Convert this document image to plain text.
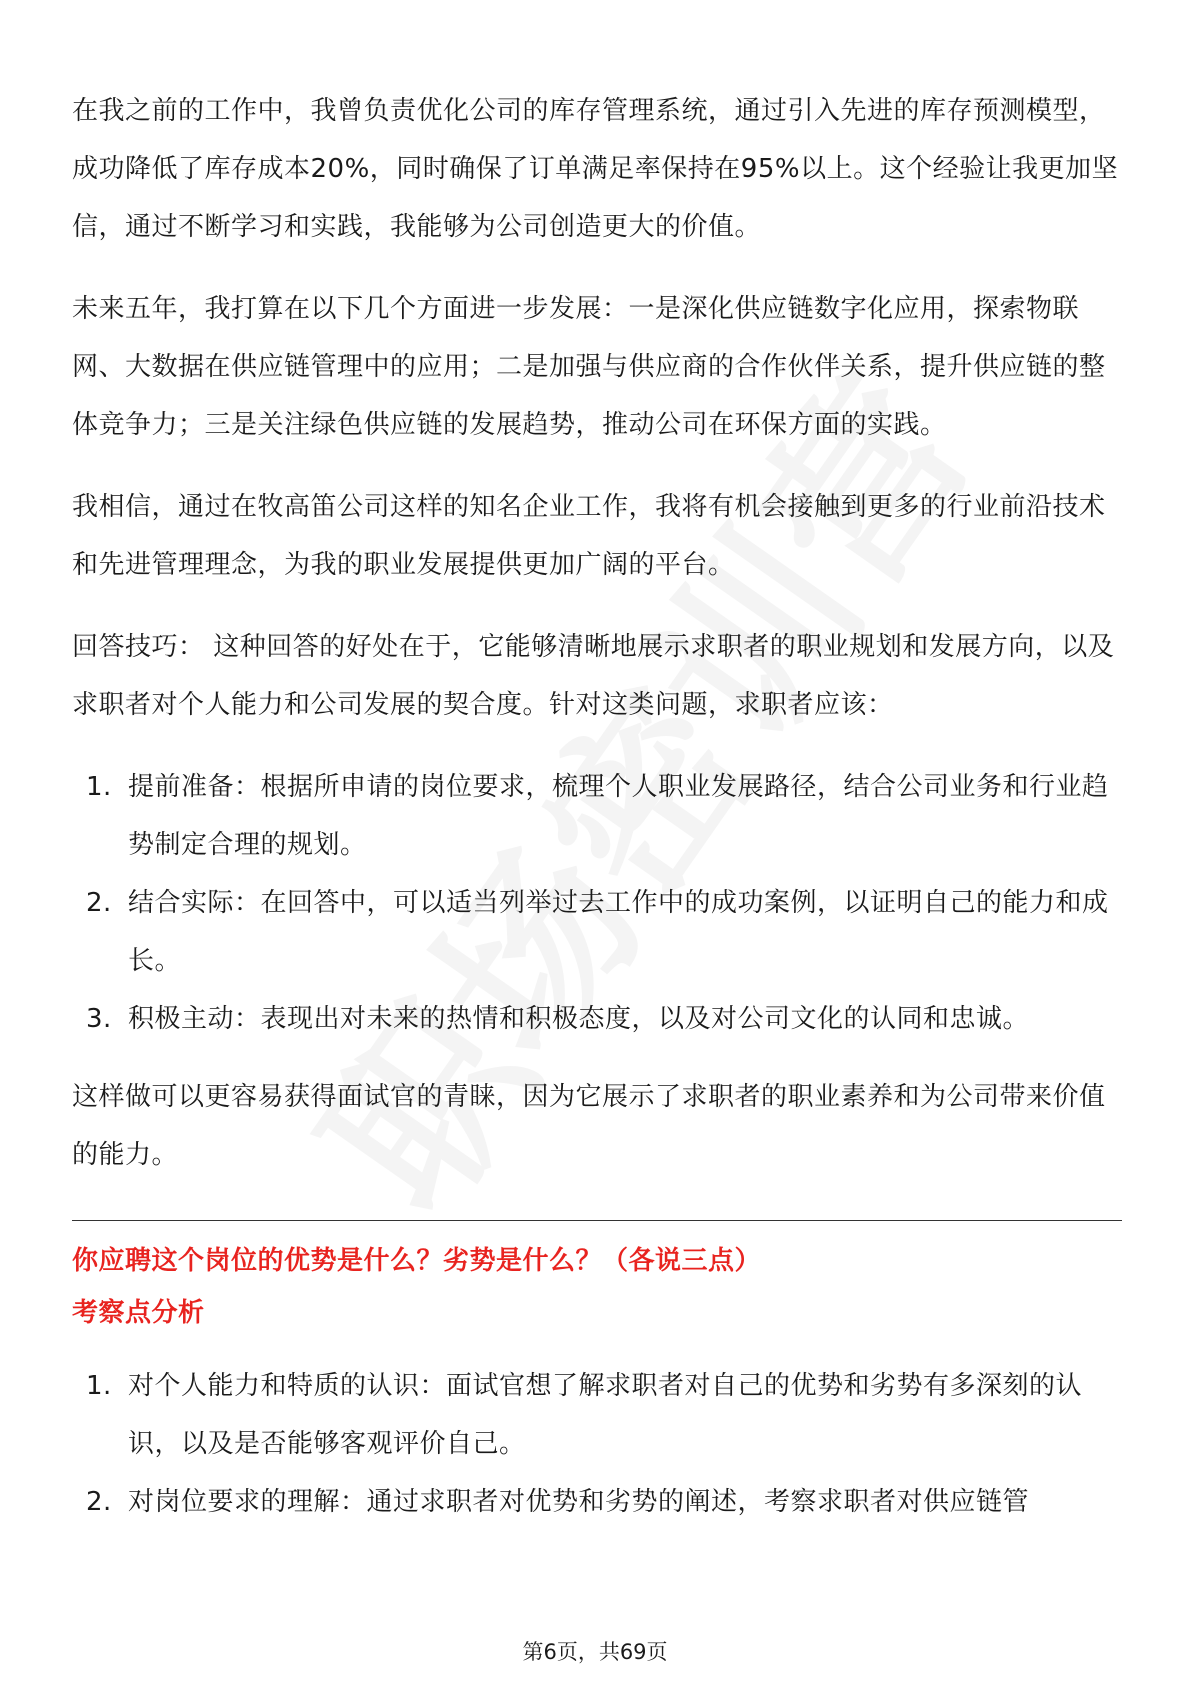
在我之前的工作中，我曾负责优化公司的库存管理系统，通过引入先进的库存预测模型，成功降低了库存成本20%，同时确保了订单满足率保持在95%以上。这个经验让我更加坚信，通过不断学习和实践，我能够为公司创造更大的价值。

未来五年，我打算在以下几个方面进一步发展：一是深化供应链数字化应用，探索物联网、大数据在供应链管理中的应用；二是加强与供应商的合作伙伴关系，提升供应链的整体竞争力；三是关注绿色供应链的发展趋势，推动公司在环保方面的实践。

我相信，通过在牧高笛公司这样的知名企业工作，我将有机会接触到更多的行业前沿技术和先进管理理念，为我的职业发展提供更加广阔的平台。

回答技巧： 这种回答的好处在于，它能够清晰地展示求职者的职业规划和发展方向，以及求职者对个人能力和公司发展的契合度。针对这类问题，求职者应该：

1. 提前准备：根据所申请的岗位要求，梳理个人职业发展路径，结合公司业务和行业趋势制定合理的规划。
2. 结合实际：在回答中，可以适当列举过去工作中的成功案例，以证明自己的能力和成长。
3. 积极主动：表现出对未来的热情和积极态度，以及对公司文化的认同和忠诚。

这样做可以更容易获得面试官的青睐，因为它展示了求职者的职业素养和为公司带来价值的能力。

你应聘这个岗位的优势是什么？劣势是什么？（各说三点）

考察点分析

1. 对个人能力和特质的认识：面试官想了解求职者对自己的优势和劣势有多深刻的认识，以及是否能够客观评价自己。
2. 对岗位要求的理解：通过求职者对优势和劣势的阐述，考察求职者对供应链管
第6页，共69页
